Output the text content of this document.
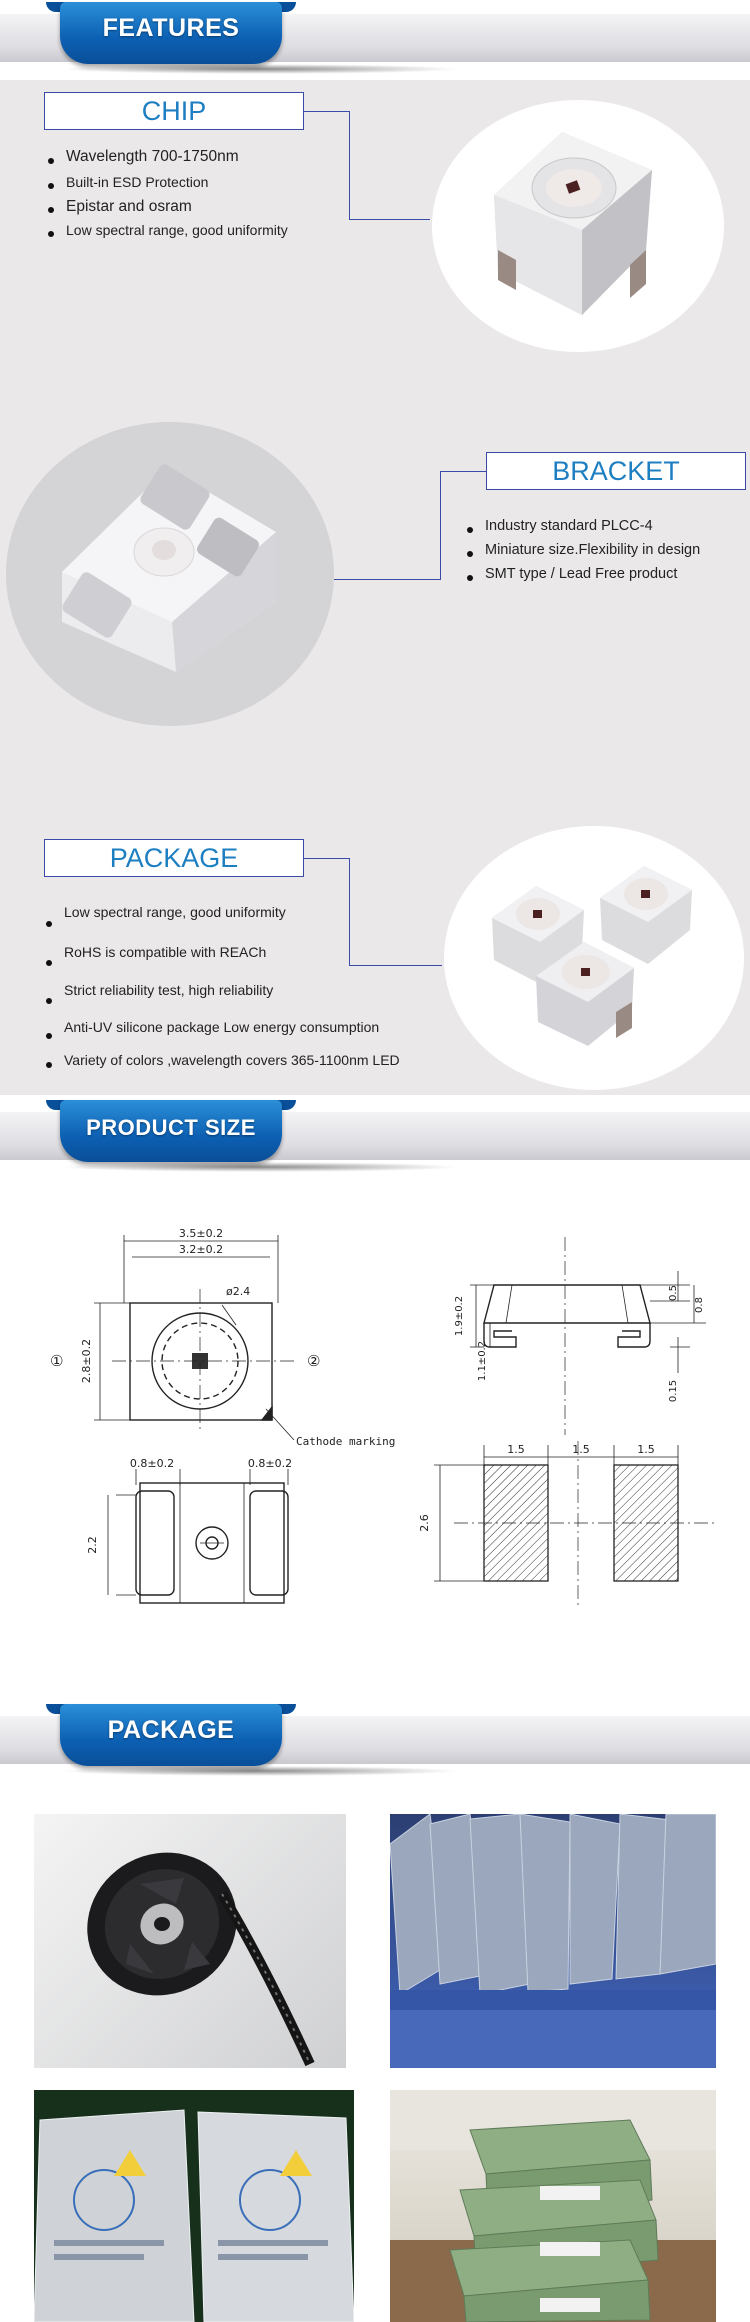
FEATURES
CHIP
Wavelength 700-1750nm
Built-in ESD Protection
Epistar and osram
Low spectral range, good uniformity
BRACKET
Industry standard PLCC-4
Miniature size.Flexibility in design
SMT type / Lead Free product
PACKAGE
Low spectral range, good uniformity
RoHS is compatible with REACh
Strict reliability test, high reliability
Anti-UV silicone package Low energy consumption
Variety of colors ,wavelength covers 365-1100nm LED
PRODUCT SIZE
3.5±0.2
3.2±0.2
ø2.4
2.8±0.2
①	②
Cathode marking
1.9±0.2
1.1±0.2
0.5
0.8
0.15
0.8±0.2	0.8±0.2
2.2
1.5	1.5	1.5
2.6
PACKAGE
